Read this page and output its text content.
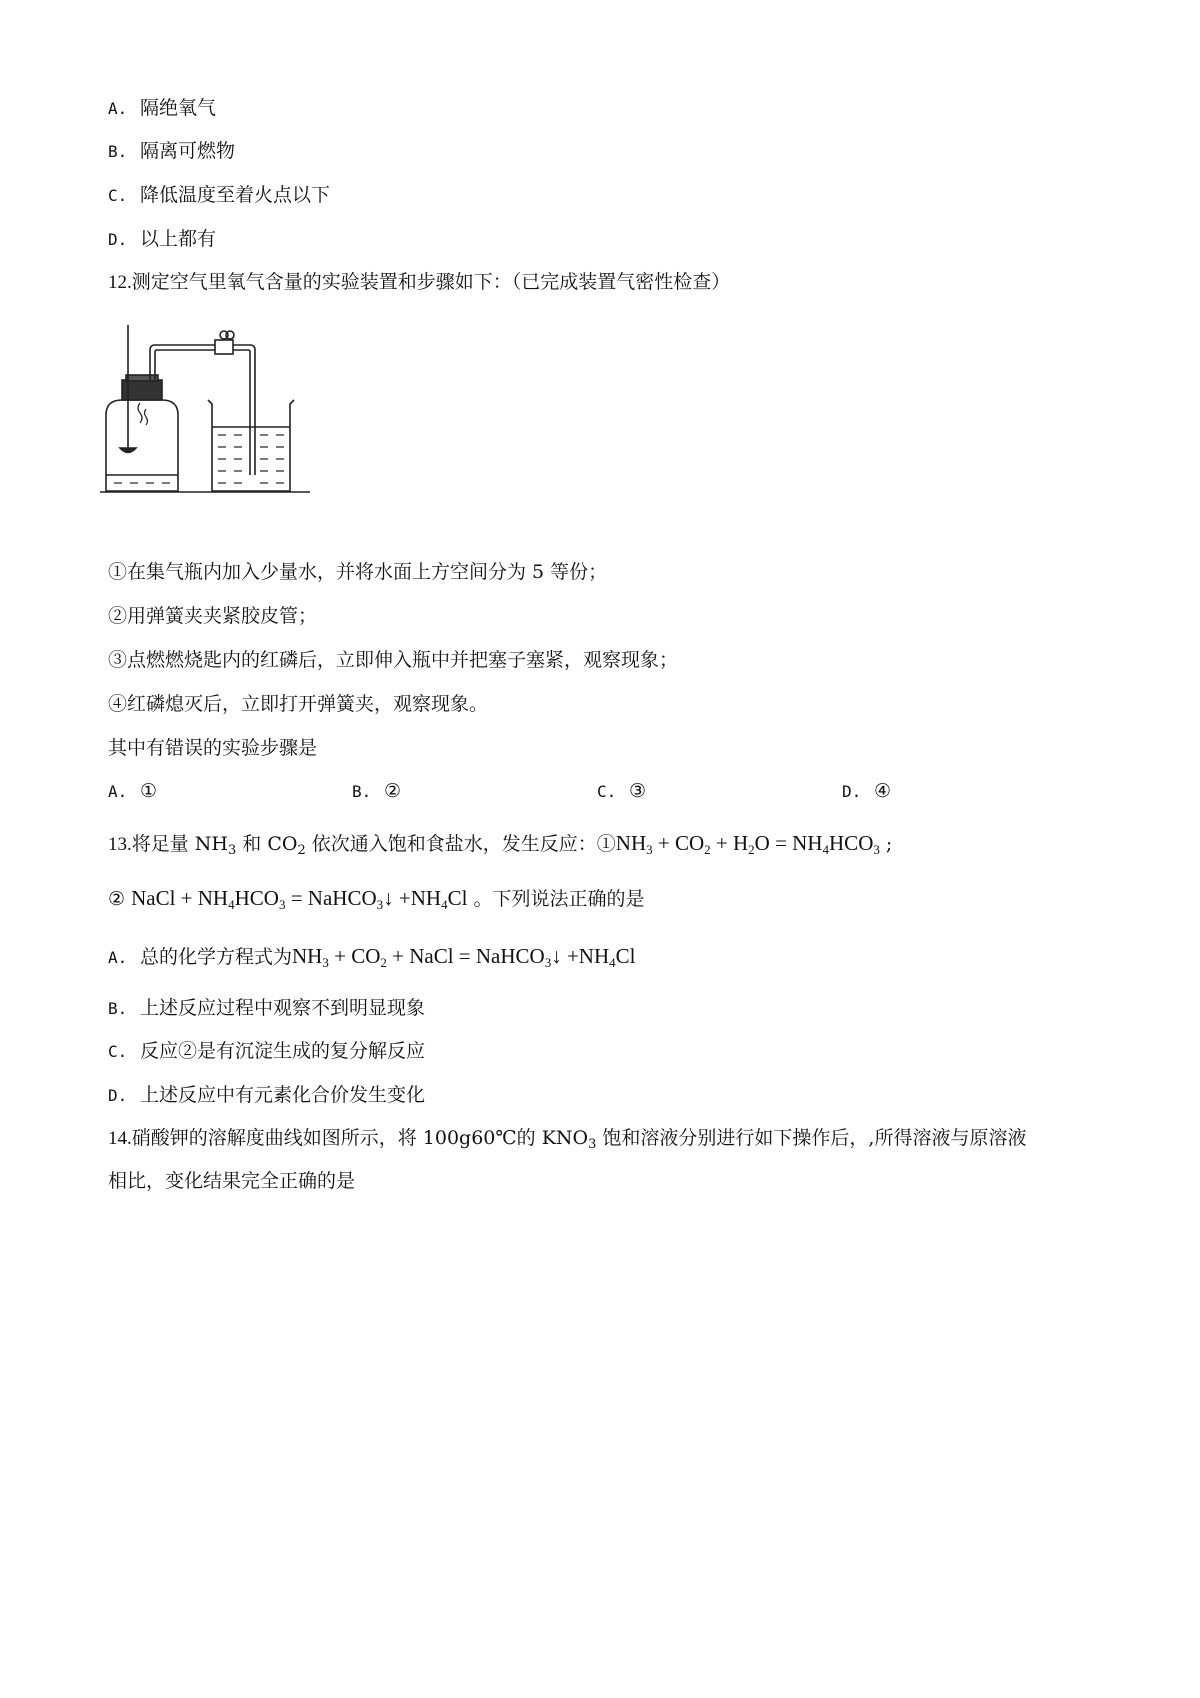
A. 隔绝氧气
B. 隔离可燃物
C. 降低温度至着火点以下
D. 以上都有
12.测定空气里氧气含量的实验装置和步骤如下：（已完成装置气密性检查）
①在集气瓶内加入少量水，并将水面上方空间分为 5 等份；
②用弹簧夹夹紧胶皮管；
③点燃燃烧匙内的红磷后，立即伸入瓶中并把塞子塞紧，观察现象；
④红磷熄灭后，立即打开弹簧夹，观察现象。
其中有错误的实验步骤是
A. ①	B. ②	C. ③	D. ④
13.将足量 $NH_3$ 和 $CO_2$ 依次通入饱和食盐水，发生反应：$①NH_3 + CO_2 + H_2O = NH_4HCO_3$ ;
② NaCl + $NH_4HCO_3$ = NaHCO$_3$↓ $+NH_4Cl$ 。下列说法正确的是
A. 总的化学方程式为$NH_3 + CO_2$ + NaCl = NaHCO$_3$↓ $+NH_4Cl$
B. 上述反应过程中观察不到明显现象
C. 反应②是有沉淀生成的复分解反应
D. 上述反应中有元素化合价发生变化
14.硝酸钾的溶解度曲线如图所示，将 100g60℃的 $KNO_3$ 饱和溶液分别进行如下操作后，,所得溶液与原溶液
相比，变化结果完全正确的是
